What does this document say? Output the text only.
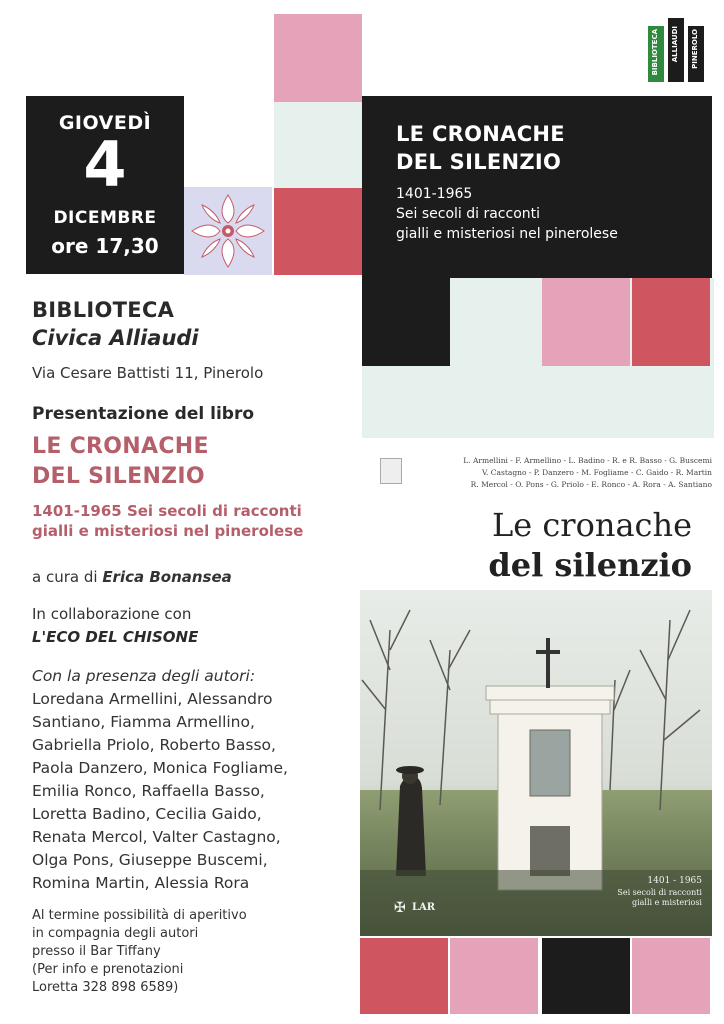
GIOVEDÌ
4
DICEMBRE
ore 17,30
LE CRONACHE
DEL SILENZIO
1401-1965
Sei secoli di racconti
gialli e misteriosi nel pinerolese
BIBLIOTECA ALLIAUDI PINEROLO
BIBLIOTECA
Civica Alliaudi
Via Cesare Battisti 11, Pinerolo
Presentazione del libro
LE CRONACHE
DEL SILENZIO
1401-1965 Sei secoli di racconti
gialli e misteriosi nel pinerolese
a cura di Erica Bonansea
In collaborazione con
L'ECO DEL CHISONE
Con la presenza degli autori:
Loredana Armellini, Alessandro
Santiano, Fiamma Armellino,
Gabriella Priolo, Roberto Basso,
Paola Danzero, Monica Fogliame,
Emilia Ronco, Raffaella Basso,
Loretta Badino, Cecilia Gaido,
Renata Mercol, Valter Castagno,
Olga Pons, Giuseppe Buscemi,
Romina Martin, Alessia Rora
Al termine possibilità di aperitivo
in compagnia degli autori
presso il Bar Tiffany
(Per info e prenotazioni
Loretta 328 898 6589)
L. Armellini - F. Armellino - L. Badino - R. e R. Basso - G. Buscemi
V. Castagno - P. Danzero - M. Fogliame - C. Gaido - R. Martin
R. Mercol - O. Pons - G. Priolo - E. Ronco - A. Rora - A. Santiano
Le cronache
del silenzio
✠
1401 - 1965
Sei secoli di racconti
gialli e misteriosi
LAR
